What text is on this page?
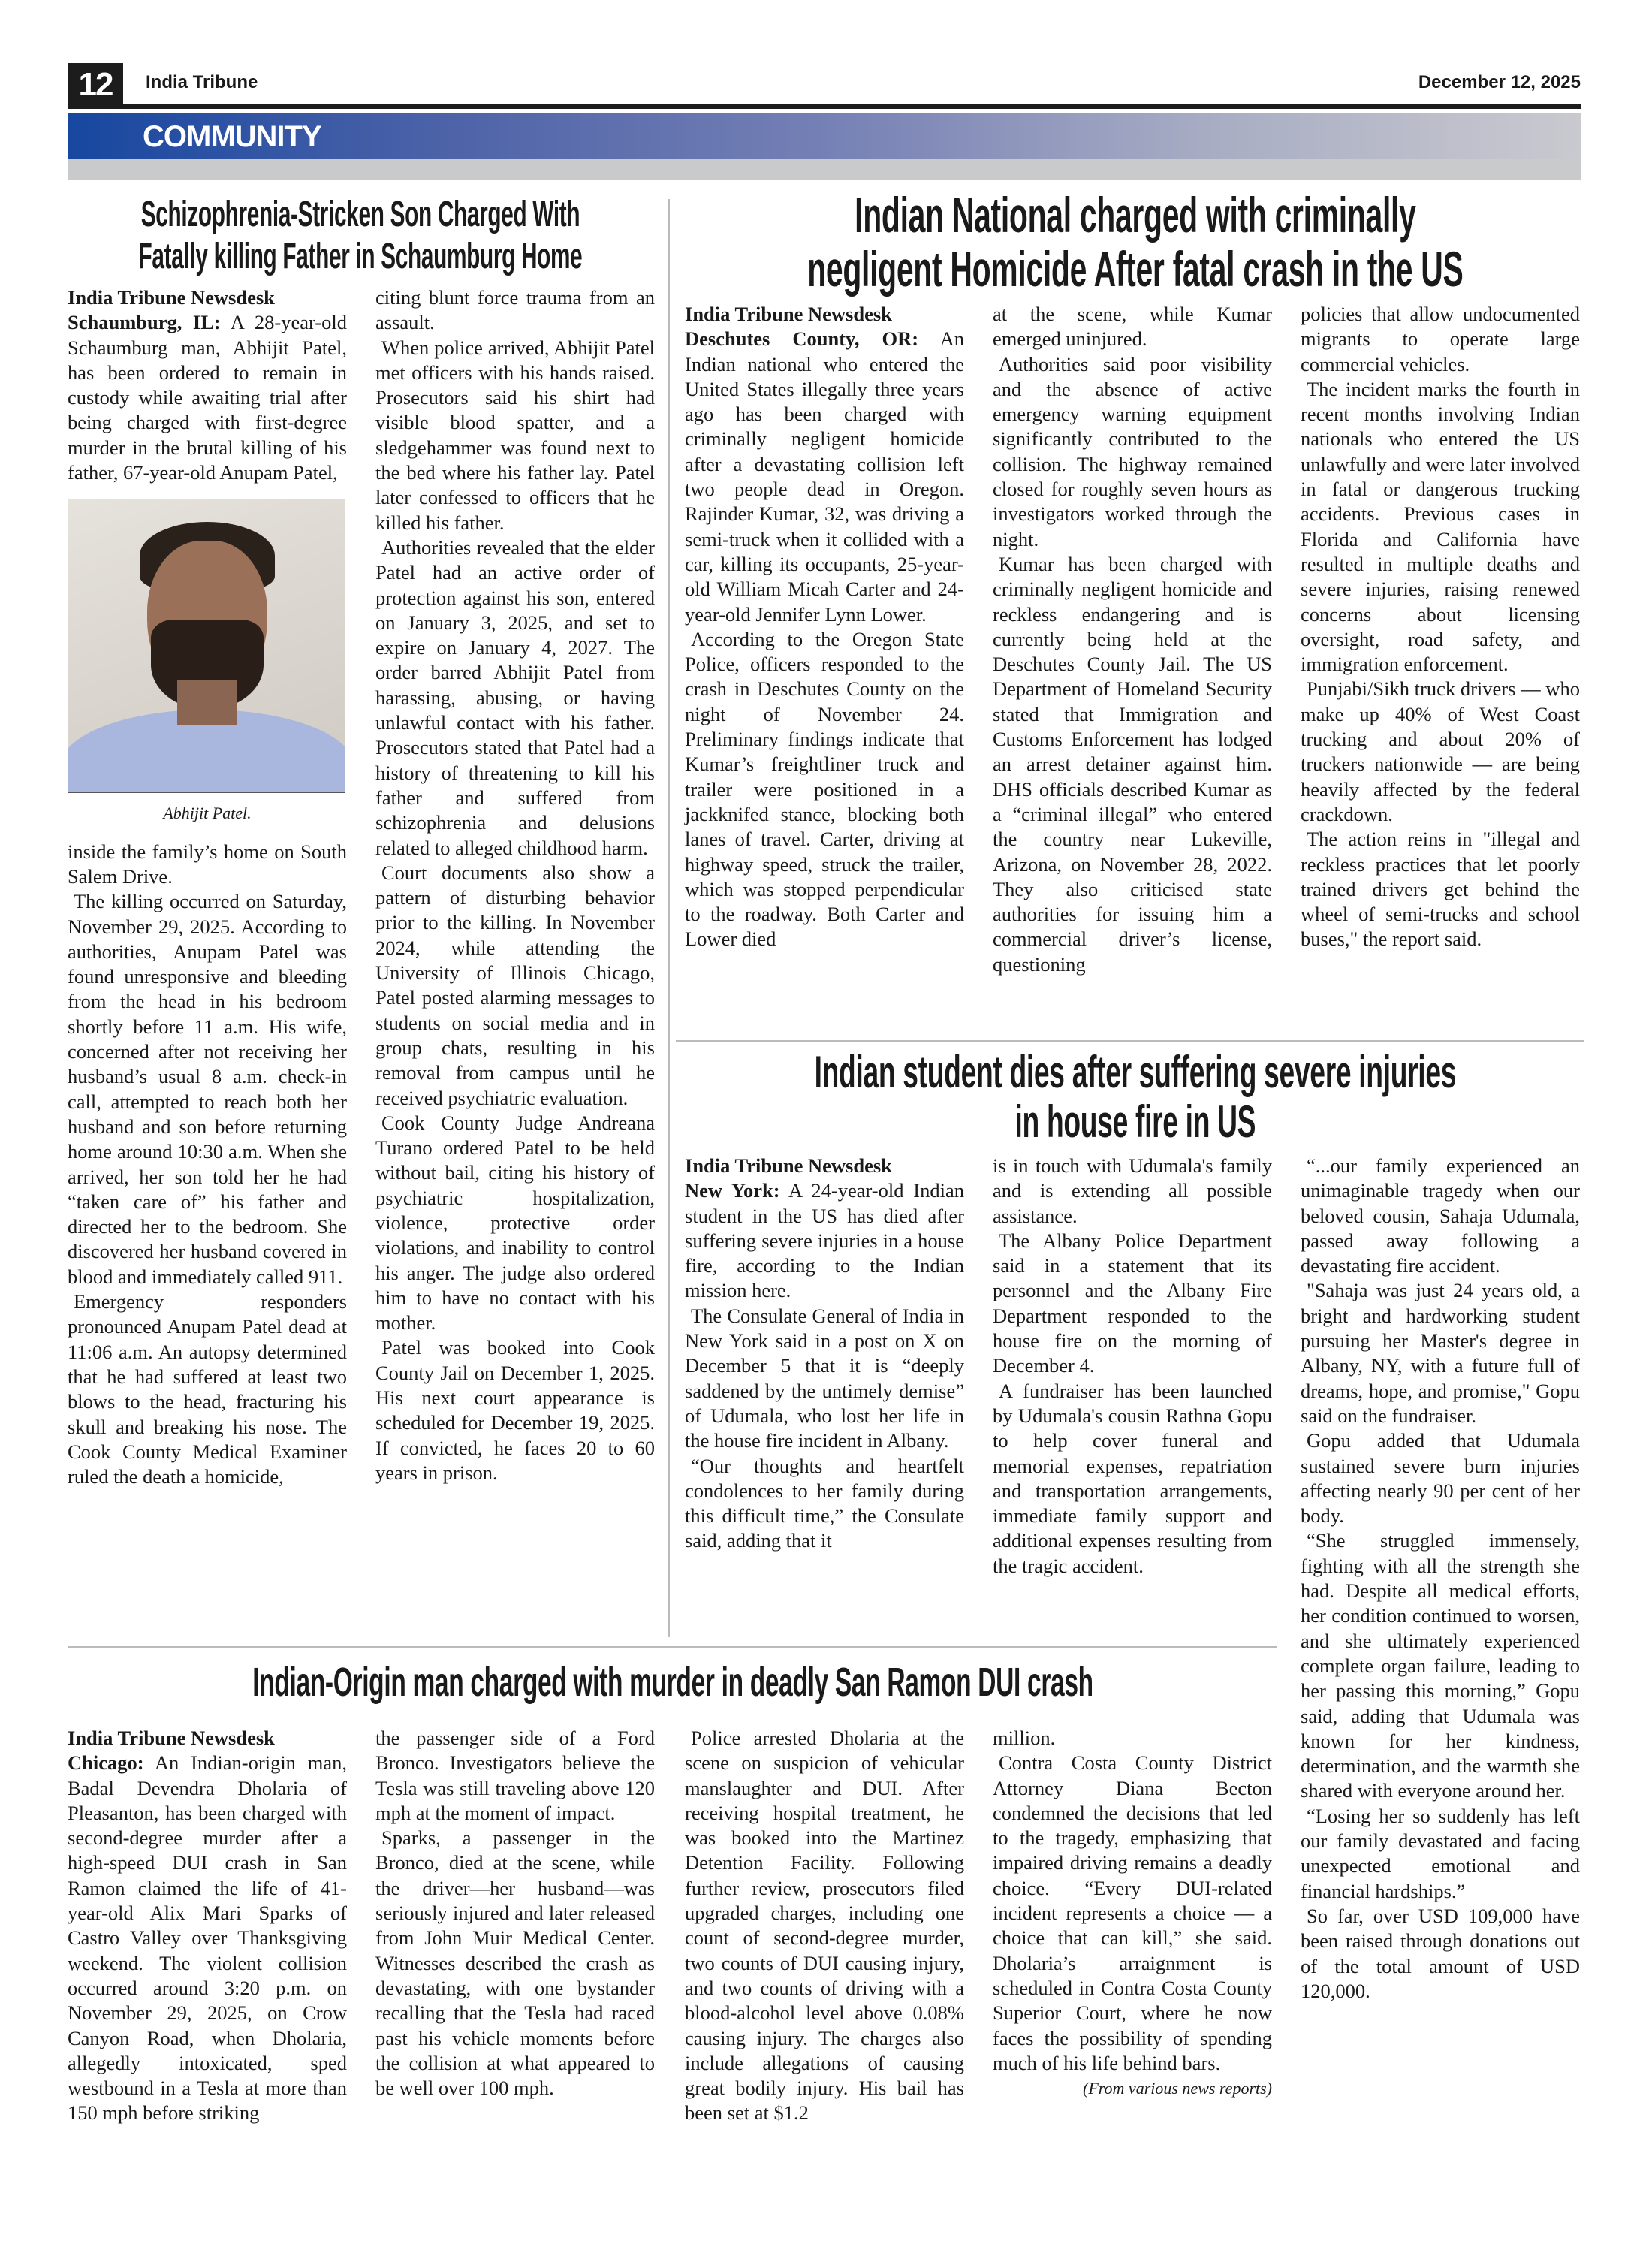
12	India Tribune	December 12, 2025
COMMUNITY
Schizophrenia-Stricken Son Charged With
Fatally killing Father in Schaumburg Home
Indian National charged with criminally
negligent Homicide After fatal crash in the US
Indian student dies after suffering severe injuries
in house fire in US
Indian-Origin man charged with murder in deadly San Ramon DUI crash

India Tribune Newsdesk

Schaumburg, IL: A 28-year-old Schaumburg man, Abhijit Patel, has been ordered to remain in custody while awaiting trial after being charged with first-degree murder in the brutal killing of his father, 67-year-old Anupam Patel,

Abhijit Patel.

inside the family’s home on South Salem Drive.

The killing occurred on Saturday, November 29, 2025. According to authorities, Anupam Patel was found unresponsive and bleeding from the head in his bedroom shortly before 11 a.m. His wife, concerned after not receiving her husband’s usual 8 a.m. check-in call, attempted to reach both her husband and son before returning home around 10:30 a.m. When she arrived, her son told her he had “taken care of” his father and directed her to the bedroom. She discovered her husband covered in blood and immediately called 911.

Emergency responders pronounced Anupam Patel dead at 11:06 a.m. An autopsy determined that he had suffered at least two blows to the head, fracturing his skull and breaking his nose. The Cook County Medical Examiner ruled the death a homicide,

citing blunt force trauma from an assault.

When police arrived, Abhijit Patel met officers with his hands raised. Prosecutors said his shirt had visible blood spatter, and a sledgehammer was found next to the bed where his father lay. Patel later confessed to officers that he killed his father.

Authorities revealed that the elder Patel had an active order of protection against his son, entered on January 3, 2025, and set to expire on January 4, 2027. The order barred Abhijit Patel from harassing, abusing, or having unlawful contact with his father. Prosecutors stated that Patel had a history of threatening to kill his father and suffered from schizophrenia and delusions related to alleged childhood harm.

Court documents also show a pattern of disturbing behavior prior to the killing. In November 2024, while attending the University of Illinois Chicago, Patel posted alarming messages to students on social media and in group chats, resulting in his removal from campus until he received psychiatric evaluation.

Cook County Judge Andreana Turano ordered Patel to be held without bail, citing his history of psychiatric hospitalization, violence, protective order violations, and inability to control his anger. The judge also ordered him to have no contact with his mother.

Patel was booked into Cook County Jail on December 1, 2025. His next court appearance is scheduled for December 19, 2025. If convicted, he faces 20 to 60 years in prison.

India Tribune Newsdesk

Deschutes County, OR: An Indian national who entered the United States illegally three years ago has been charged with criminally negligent homicide after a devastating collision left two people dead in Oregon. Rajinder Kumar, 32, was driving a semi-truck when it collided with a car, killing its occupants, 25-year-old William Micah Carter and 24-year-old Jennifer Lynn Lower.

According to the Oregon State Police, officers responded to the crash in Deschutes County on the night of November 24. Preliminary findings indicate that Kumar’s freightliner truck and trailer were positioned in a jackknifed stance, blocking both lanes of travel. Carter, driving at highway speed, struck the trailer, which was stopped perpendicular to the roadway. Both Carter and Lower died

at the scene, while Kumar emerged uninjured.

Authorities said poor visibility and the absence of active emergency warning equipment significantly contributed to the collision. The highway remained closed for roughly seven hours as investigators worked through the night.

Kumar has been charged with criminally negligent homicide and reckless endangering and is currently being held at the Deschutes County Jail. The US Department of Homeland Security stated that Immigration and Customs Enforcement has lodged an arrest detainer against him. DHS officials described Kumar as a “criminal illegal” who entered the country near Lukeville, Arizona, on November 28, 2022. They also criticised state authorities for issuing him a commercial driver’s license, questioning

policies that allow undocumented migrants to operate large commercial vehicles.

The incident marks the fourth in recent months involving Indian nationals who entered the US unlawfully and were later involved in fatal or dangerous trucking accidents. Previous cases in Florida and California have resulted in multiple deaths and severe injuries, raising renewed concerns about licensing oversight, road safety, and immigration enforcement.

Punjabi/Sikh truck drivers — who make up 40% of West Coast trucking and about 20% of truckers nationwide — are being heavily affected by the federal crackdown.

The action reins in "illegal and reckless practices that let poorly trained drivers get behind the wheel of semi-trucks and school buses," the report said.

India Tribune Newsdesk

New York: A 24-year-old Indian student in the US has died after suffering severe injuries in a house fire, according to the Indian mission here.

The Consulate General of India in New York said in a post on X on December 5 that it is “deeply saddened by the untimely demise” of Udumala, who lost her life in the house fire incident in Albany.

“Our thoughts and heartfelt condolences to her family during this difficult time,” the Consulate said, adding that it

is in touch with Udumala's family and is extending all possible assistance.

The Albany Police Department said in a statement that its personnel and the Albany Fire Department responded to the house fire on the morning of December 4.

A fundraiser has been launched by Udumala's cousin Rathna Gopu to help cover funeral and memorial expenses, repatriation and transportation arrangements, immediate family support and additional expenses resulting from the tragic accident.

“...our family experienced an unimaginable tragedy when our beloved cousin, Sahaja Udumala, passed away following a devastating fire accident.

"Sahaja was just 24 years old, a bright and hardworking student pursuing her Master's degree in Albany, NY, with a future full of dreams, hope, and promise," Gopu said on the fundraiser.

Gopu added that Udumala sustained severe burn injuries affecting nearly 90 per cent of her body.

“She struggled immensely, fighting with all the strength she had. Despite all medical efforts, her condition continued to worsen, and she ultimately experienced complete organ failure, leading to her passing this morning,” Gopu said, adding that Udumala was known for her kindness, determination, and the warmth she shared with everyone around her.

“Losing her so suddenly has left our family devastated and facing unexpected emotional and financial hardships.”

So far, over USD 109,000 have been raised through donations out of the total amount of USD 120,000.

India Tribune Newsdesk

Chicago: An Indian-origin man, Badal Devendra Dholaria of Pleasanton, has been charged with second-degree murder after a high-speed DUI crash in San Ramon claimed the life of 41-year-old Alix Mari Sparks of Castro Valley over Thanksgiving weekend. The violent collision occurred around 3:20 p.m. on November 29, 2025, on Crow Canyon Road, when Dholaria, allegedly intoxicated, sped westbound in a Tesla at more than 150 mph before striking

the passenger side of a Ford Bronco. Investigators believe the Tesla was still traveling above 120 mph at the moment of impact.

Sparks, a passenger in the Bronco, died at the scene, while the driver—her husband—was seriously injured and later released from John Muir Medical Center. Witnesses described the crash as devastating, with one bystander recalling that the Tesla had raced past his vehicle moments before the collision at what appeared to be well over 100 mph.

Police arrested Dholaria at the scene on suspicion of vehicular manslaughter and DUI. After receiving hospital treatment, he was booked into the Martinez Detention Facility. Following further review, prosecutors filed upgraded charges, including one count of second-degree murder, two counts of DUI causing injury, and two counts of driving with a blood-alcohol level above 0.08% causing injury. The charges also include allegations of causing great bodily injury. His bail has been set at $1.2

million.

Contra Costa County District Attorney Diana Becton condemned the decisions that led to the tragedy, emphasizing that impaired driving remains a deadly choice. “Every DUI-related incident represents a choice — a choice that can kill,” she said. Dholaria’s arraignment is scheduled in Contra Costa County Superior Court, where he now faces the possibility of spending much of his life behind bars.

(From various news reports)
